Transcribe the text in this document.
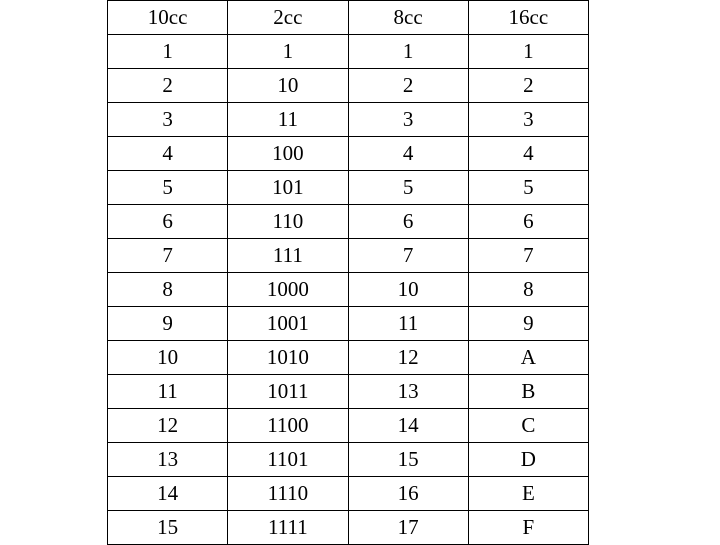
10cc	2cc	8cc	16cc
1	1	1	1
2	10	2	2
3	11	3	3
4	100	4	4
5	101	5	5
6	110	6	6
7	111	7	7
8	1000	10	8
9	1001	11	9
10	1010	12	A
11	1011	13	B
12	1100	14	C
13	1101	15	D
14	1110	16	E
15	1111	17	F
